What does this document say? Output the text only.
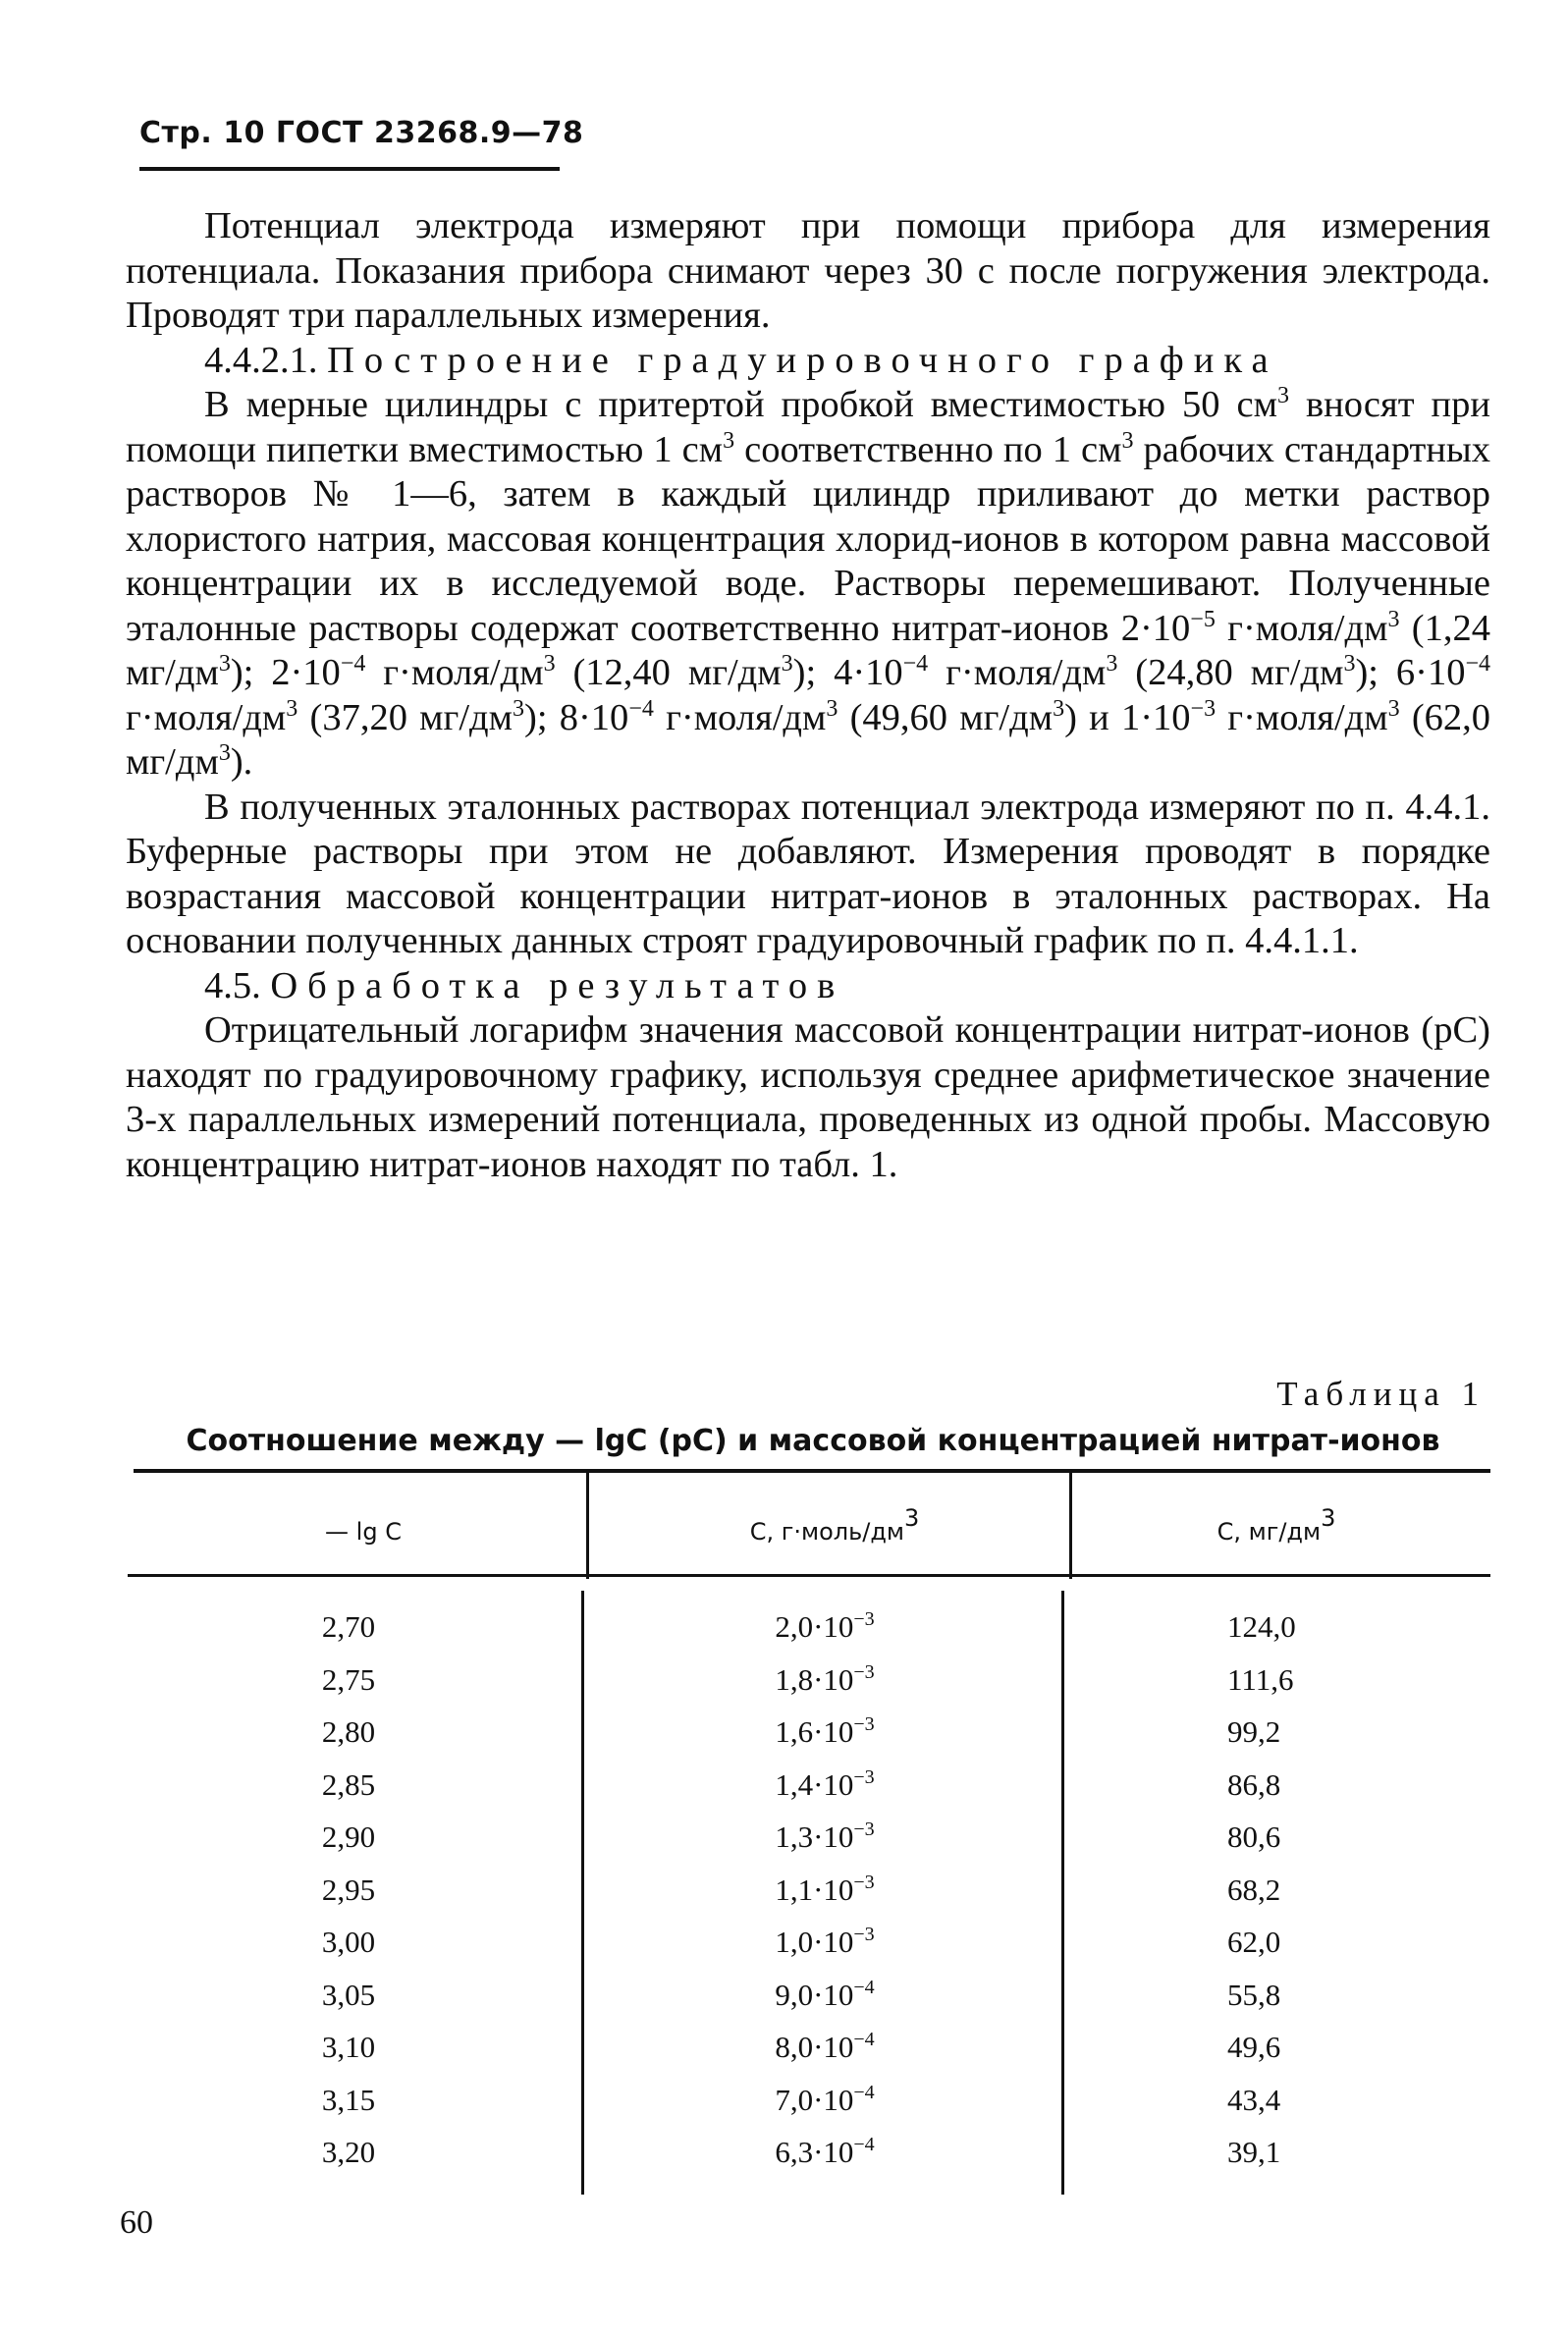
Стр. 10 ГОСТ 23268.9—78

Потенциал электрода измеряют при помощи прибора для измерения потенциала. Показания прибора снимают через 30 с после погружения электрода. Проводят три параллельных измерения.

4.4.2.1. Построение градуировочного графика

В мерные цилиндры с притертой пробкой вместимостью 50 $см^3$ вносят при помощи пипетки вместимостью 1 $см^3$ соответственно по 1 $см^3$ рабочих стандартных растворов № 1—6, затем в каждый цилиндр приливают до метки раствор хлористого натрия, массовая концентрация хлорид-ионов в котором равна массовой концентрации их в исследуемой воде. Растворы перемешивают. Полученные эталонные растворы содержат соответственно нитрат-ионов $2\cdot 10^{-5}$ $г\cdot моля/дм^3$ (1,24 $мг/дм^3$); $2\cdot 10^{-4}$ $г\cdot моля/дм^3$ (12,40 $мг/дм^3$); $4\cdot 10^{-4}$ $г\cdot моля/дм^3$ (24,80 $мг/дм^3$); $6\cdot 10^{-4}$ $г\cdot моля/дм^3$ (37,20 $мг/дм^3$); $8\cdot 10^{-4}$ $г\cdot моля/дм^3$ (49,60 $мг/дм^3$) и $1\cdot 10^{-3}$ $г\cdot моля/дм^3$ (62,0 $мг/дм^3$).

В полученных эталонных растворах потенциал электрода измеряют по п. 4.4.1. Буферные растворы при этом не добавляют. Измерения проводят в порядке возрастания массовой концентрации нитрат-ионов в эталонных растворах. На основании полученных данных строят градуировочный график по п. 4.4.1.1.

4.5. Обработка результатов

Отрицательный логарифм значения массовой концентрации нитрат-ионов (pC) находят по градуировочному графику, используя среднее арифметическое значение 3-х параллельных измерений потенциала, проведенных из одной пробы. Массовую концентрацию нитрат-ионов находят по табл. 1.

Таблица 1
Соотношение между — lgC (pC) и массовой концентрацией нитрат-ионов
— lg C	C, $г\cdot моль/дм^3$	C, $мг/дм^3$
2,70	$2,0\cdot 10^{-3}$	124,0
2,75	$1,8\cdot 10^{-3}$	111,6
2,80	$1,6\cdot 10^{-3}$	99,2
2,85	$1,4\cdot 10^{-3}$	86,8
2,90	$1,3\cdot 10^{-3}$	80,6
2,95	$1,1\cdot 10^{-3}$	68,2
3,00	$1,0\cdot 10^{-3}$	62,0
3,05	$9,0\cdot 10^{-4}$	55,8
3,10	$8,0\cdot 10^{-4}$	49,6
3,15	$7,0\cdot 10^{-4}$	43,4
3,20	$6,3\cdot 10^{-4}$	39,1
60
